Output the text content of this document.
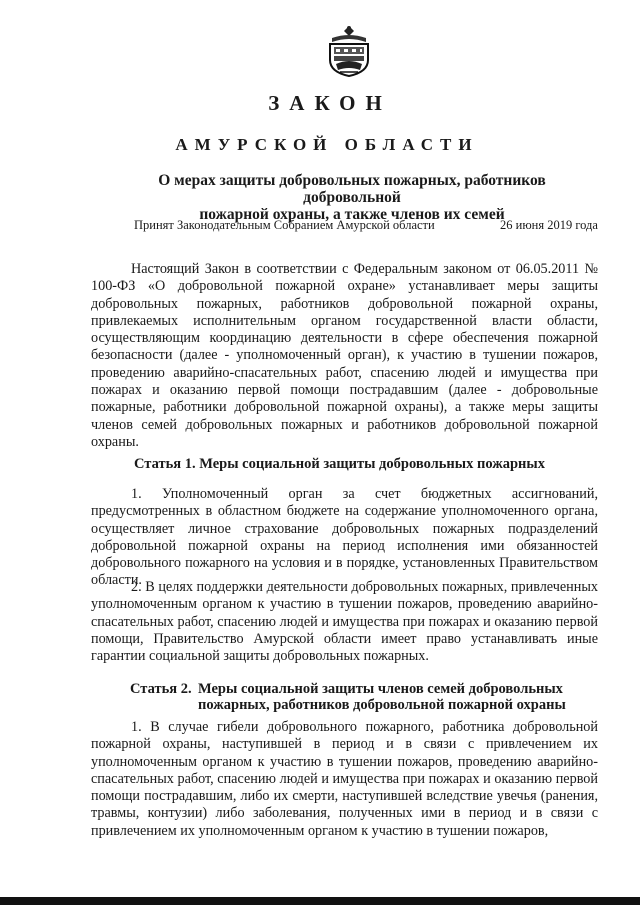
ЗАКОН
АМУРСКОЙ ОБЛАСТИ
О мерах защиты добровольных пожарных, работников добровольной
пожарной охраны, а также членов их семей
Принят Законодательным Собранием Амурской области	26 июня 2019 года

Настоящий Закон в соответствии с Федеральным законом от 06.05.2011 № 100-ФЗ «О добровольной пожарной охране» устанавливает меры защиты добровольных пожарных, работников добровольной пожарной охраны, привлекаемых исполнительным органом государственной власти области, осуществляющим координацию деятельности в сфере обеспечения пожарной безопасности (далее - уполномоченный орган), к участию в тушении пожаров, проведению аварийно-спасательных работ, спасению людей и имущества при пожарах и оказанию первой помощи пострадавшим (далее - добровольные пожарные, работники добровольной пожарной охраны), а также меры защиты членов семей добровольных пожарных и работников добровольной пожарной охраны.

Статья 1. Меры социальной защиты добровольных пожарных

1. Уполномоченный орган за счет бюджетных ассигнований, предусмотренных в областном бюджете на содержание уполномоченного органа, осуществляет личное страхование добровольных пожарных подразделений добровольной пожарной охраны на период исполнения ими обязанностей добровольного пожарного на условия и в порядке, установленных Правительством области.

2. В целях поддержки деятельности добровольных пожарных, привлеченных уполномоченным органом к участию в тушении пожаров, проведению аварийно-спасательных работ, спасению людей и имущества при пожарах и оказанию первой помощи, Правительство Амурской области имеет право устанавливать иные гарантии социальной защиты добровольных пожарных.

Статья 2. Меры социальной защиты членов семей добровольных
пожарных, работников добровольной пожарной охраны

1. В случае гибели добровольного пожарного, работника добровольной пожарной охраны, наступившей в период и в связи с привлечением их уполномоченным органом к участию в тушении пожаров, проведению аварийно-спасательных работ, спасению людей и имущества при пожарах и оказанию первой помощи пострадавшим, либо их смерти, наступившей вследствие увечья (ранения, травмы, контузии) либо заболевания, полученных ими в период и в связи с привлечением их уполномоченным органом к участию в тушении пожаров,
